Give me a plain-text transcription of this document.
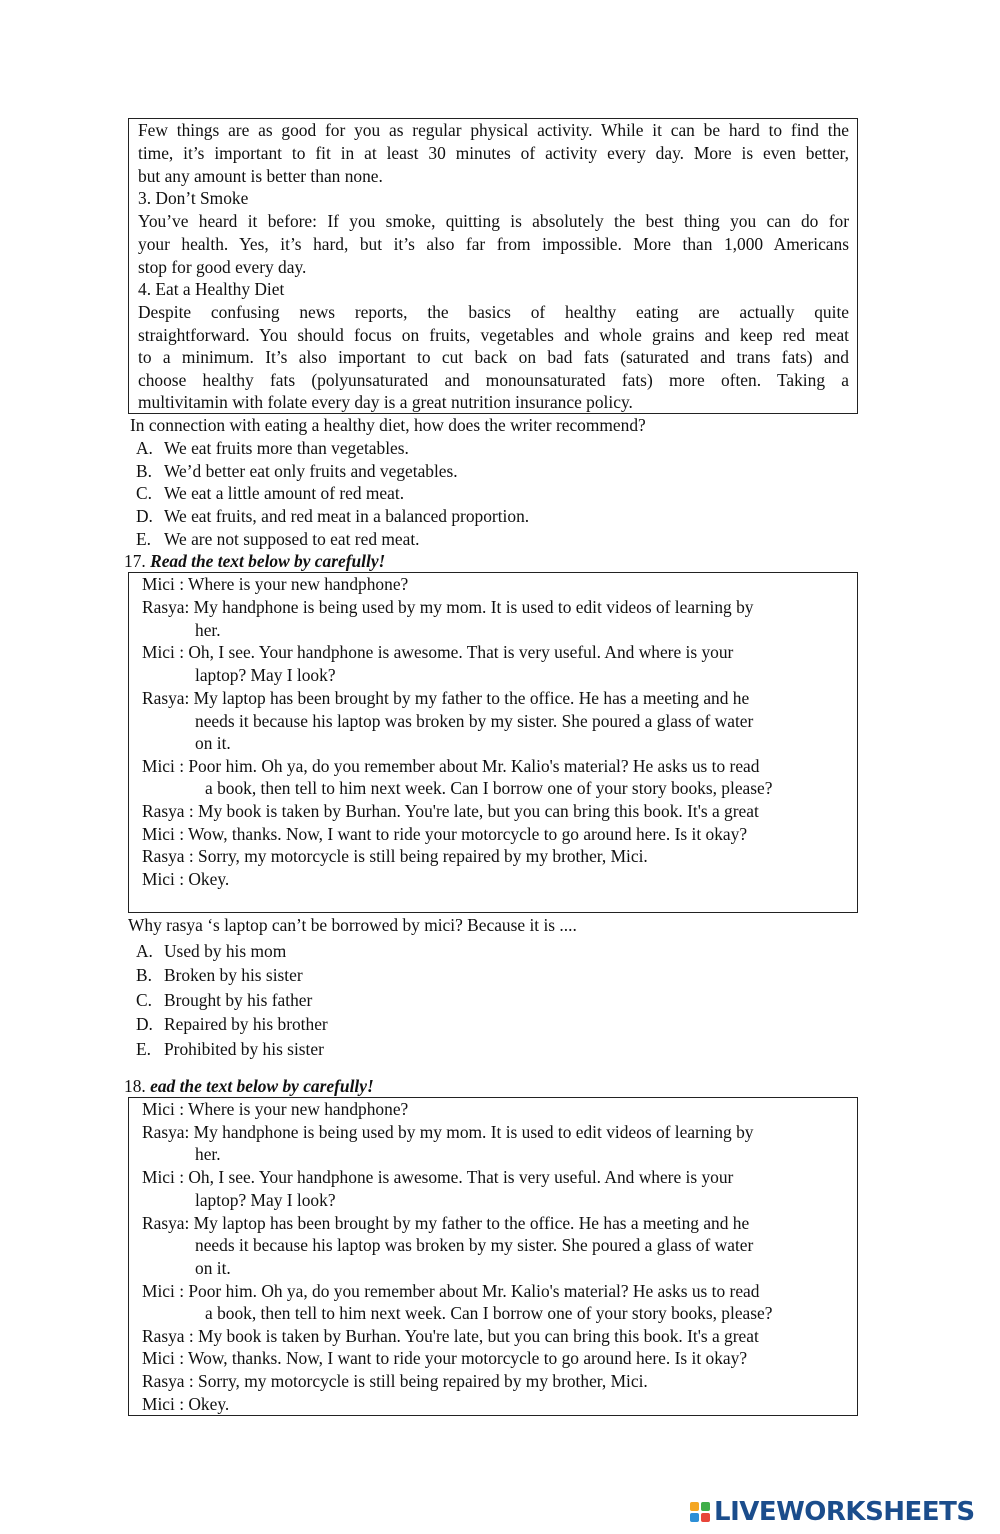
Few things are as good for you as regular physical activity. While it can be hard to find the
time, it’s important to fit in at least 30 minutes of activity every day. More is even better,
but any amount is better than none.
3. Don’t Smoke
You’ve heard it before: If you smoke, quitting is absolutely the best thing you can do for
your health. Yes, it’s hard, but it’s also far from impossible. More than 1,000 Americans
stop for good every day.
4. Eat a Healthy Diet
Despite confusing news reports, the basics of healthy eating are actually quite
straightforward. You should focus on fruits, vegetables and whole grains and keep red meat
to a minimum. It’s also important to cut back on bad fats (saturated and trans fats) and
choose healthy fats (polyunsaturated and monounsaturated fats) more often. Taking a
multivitamin with folate every day is a great nutrition insurance policy.
In connection with eating a healthy diet, how does the writer recommend?
A. We eat fruits more than vegetables.
B. We’d better eat only fruits and vegetables.
C. We eat a little amount of red meat.
D. We eat fruits, and red meat in a balanced proportion.
E. We are not supposed to eat red meat.
17. Read the text below by carefully!
Mici : Where is your new handphone?
Rasya: My handphone is being used by my mom. It is used to edit videos of learning by
her.
Mici : Oh, I see. Your handphone is awesome. That is very useful. And where is your
laptop? May I look?
Rasya: My laptop has been brought by my father to the office. He has a meeting and he
needs it because his laptop was broken by my sister. She poured a glass of water
on it.
Mici : Poor him. Oh ya, do you remember about Mr. Kalio's material? He asks us to read
a book, then tell to him next week. Can I borrow one of your story books, please?
Rasya : My book is taken by Burhan. You're late, but you can bring this book. It's a great
Mici : Wow, thanks. Now, I want to ride your motorcycle to go around here. Is it okay?
Rasya : Sorry, my motorcycle is still being repaired by my brother, Mici.
Mici : Okey.
Why rasya ‘s laptop can’t be borrowed by mici? Because it is ....
A. Used by his mom
B. Broken by his sister
C. Brought by his father
D. Repaired by his brother
E. Prohibited by his sister
18. ead the text below by carefully!
Mici : Where is your new handphone?
Rasya: My handphone is being used by my mom. It is used to edit videos of learning by
her.
Mici : Oh, I see. Your handphone is awesome. That is very useful. And where is your
laptop? May I look?
Rasya: My laptop has been brought by my father to the office. He has a meeting and he
needs it because his laptop was broken by my sister. She poured a glass of water
on it.
Mici : Poor him. Oh ya, do you remember about Mr. Kalio's material? He asks us to read
a book, then tell to him next week. Can I borrow one of your story books, please?
Rasya : My book is taken by Burhan. You're late, but you can bring this book. It's a great
Mici : Wow, thanks. Now, I want to ride your motorcycle to go around here. Is it okay?
Rasya : Sorry, my motorcycle is still being repaired by my brother, Mici.
Mici : Okey.
LIVEWORKSHEETS
